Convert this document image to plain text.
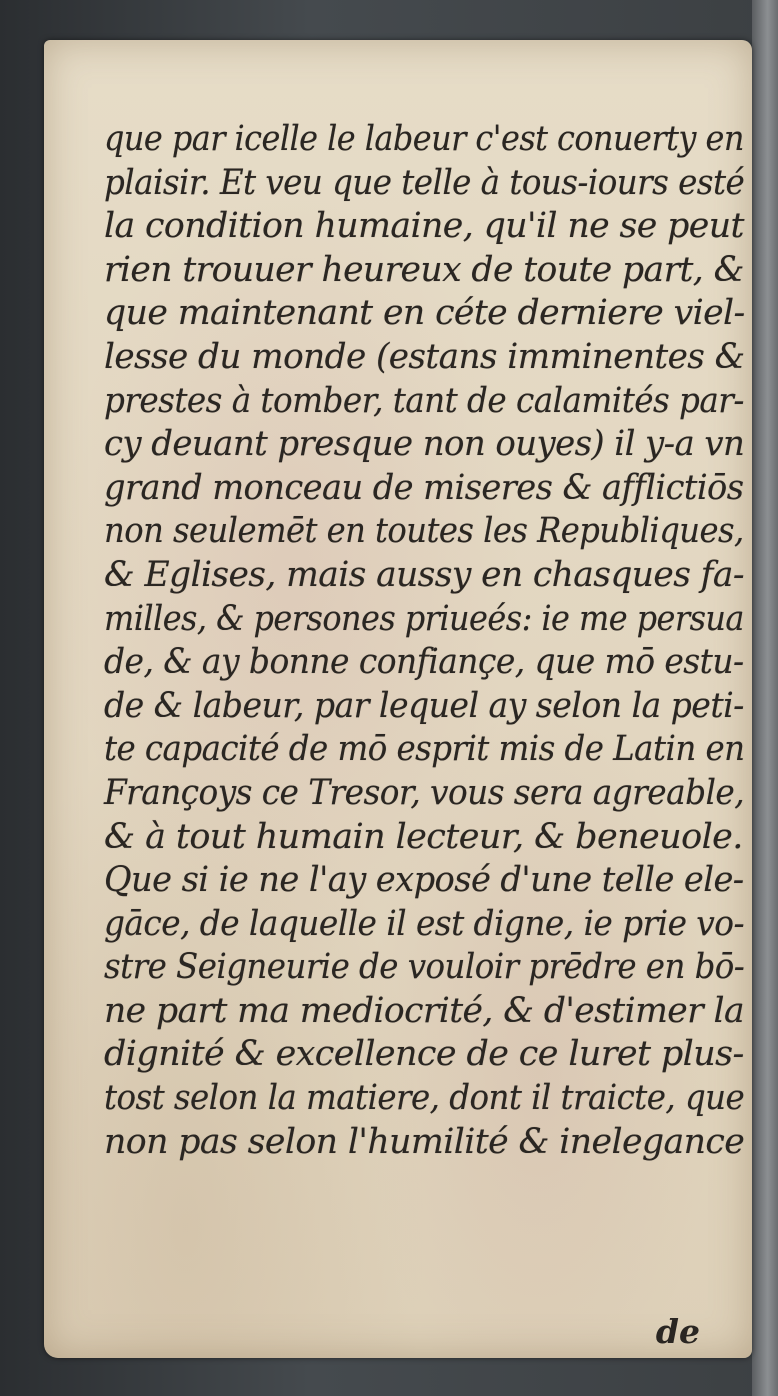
que par icelle le labeur c'est conuerty en
plaisir. Et veu que telle à tous-iours esté
la condition humaine, qu'il ne se peut
rien trouuer heureux de toute part, &
que maintenant en céte derniere viel-
lesse du monde (estans imminentes &
prestes à tomber, tant de calamités par-
cy deuant presque non ouyes) il y-a vn
grand monceau de miseres & afflictiōs
non seulemēt en toutes les Republiques,
& Eglises, mais aussy en chasques fa-
milles, & persones priueés: ie me persua
de, & ay bonne confiançe, que mō estu-
de & labeur, par lequel ay selon la peti-
te capacité de mō esprit mis de Latin en
Françoys ce Tresor, vous sera agreable,
& à tout humain lecteur, & beneuole.
Que si ie ne l'ay exposé d'une telle ele-
gāce, de laquelle il est digne, ie prie vo-
stre Seigneurie de vouloir prēdre en bō-
ne part ma mediocrité, & d'estimer la
dignité & excellence de ce luret plus-
tost selon la matiere, dont il traicte, que
non pas selon l'humilité & inelegance
de
